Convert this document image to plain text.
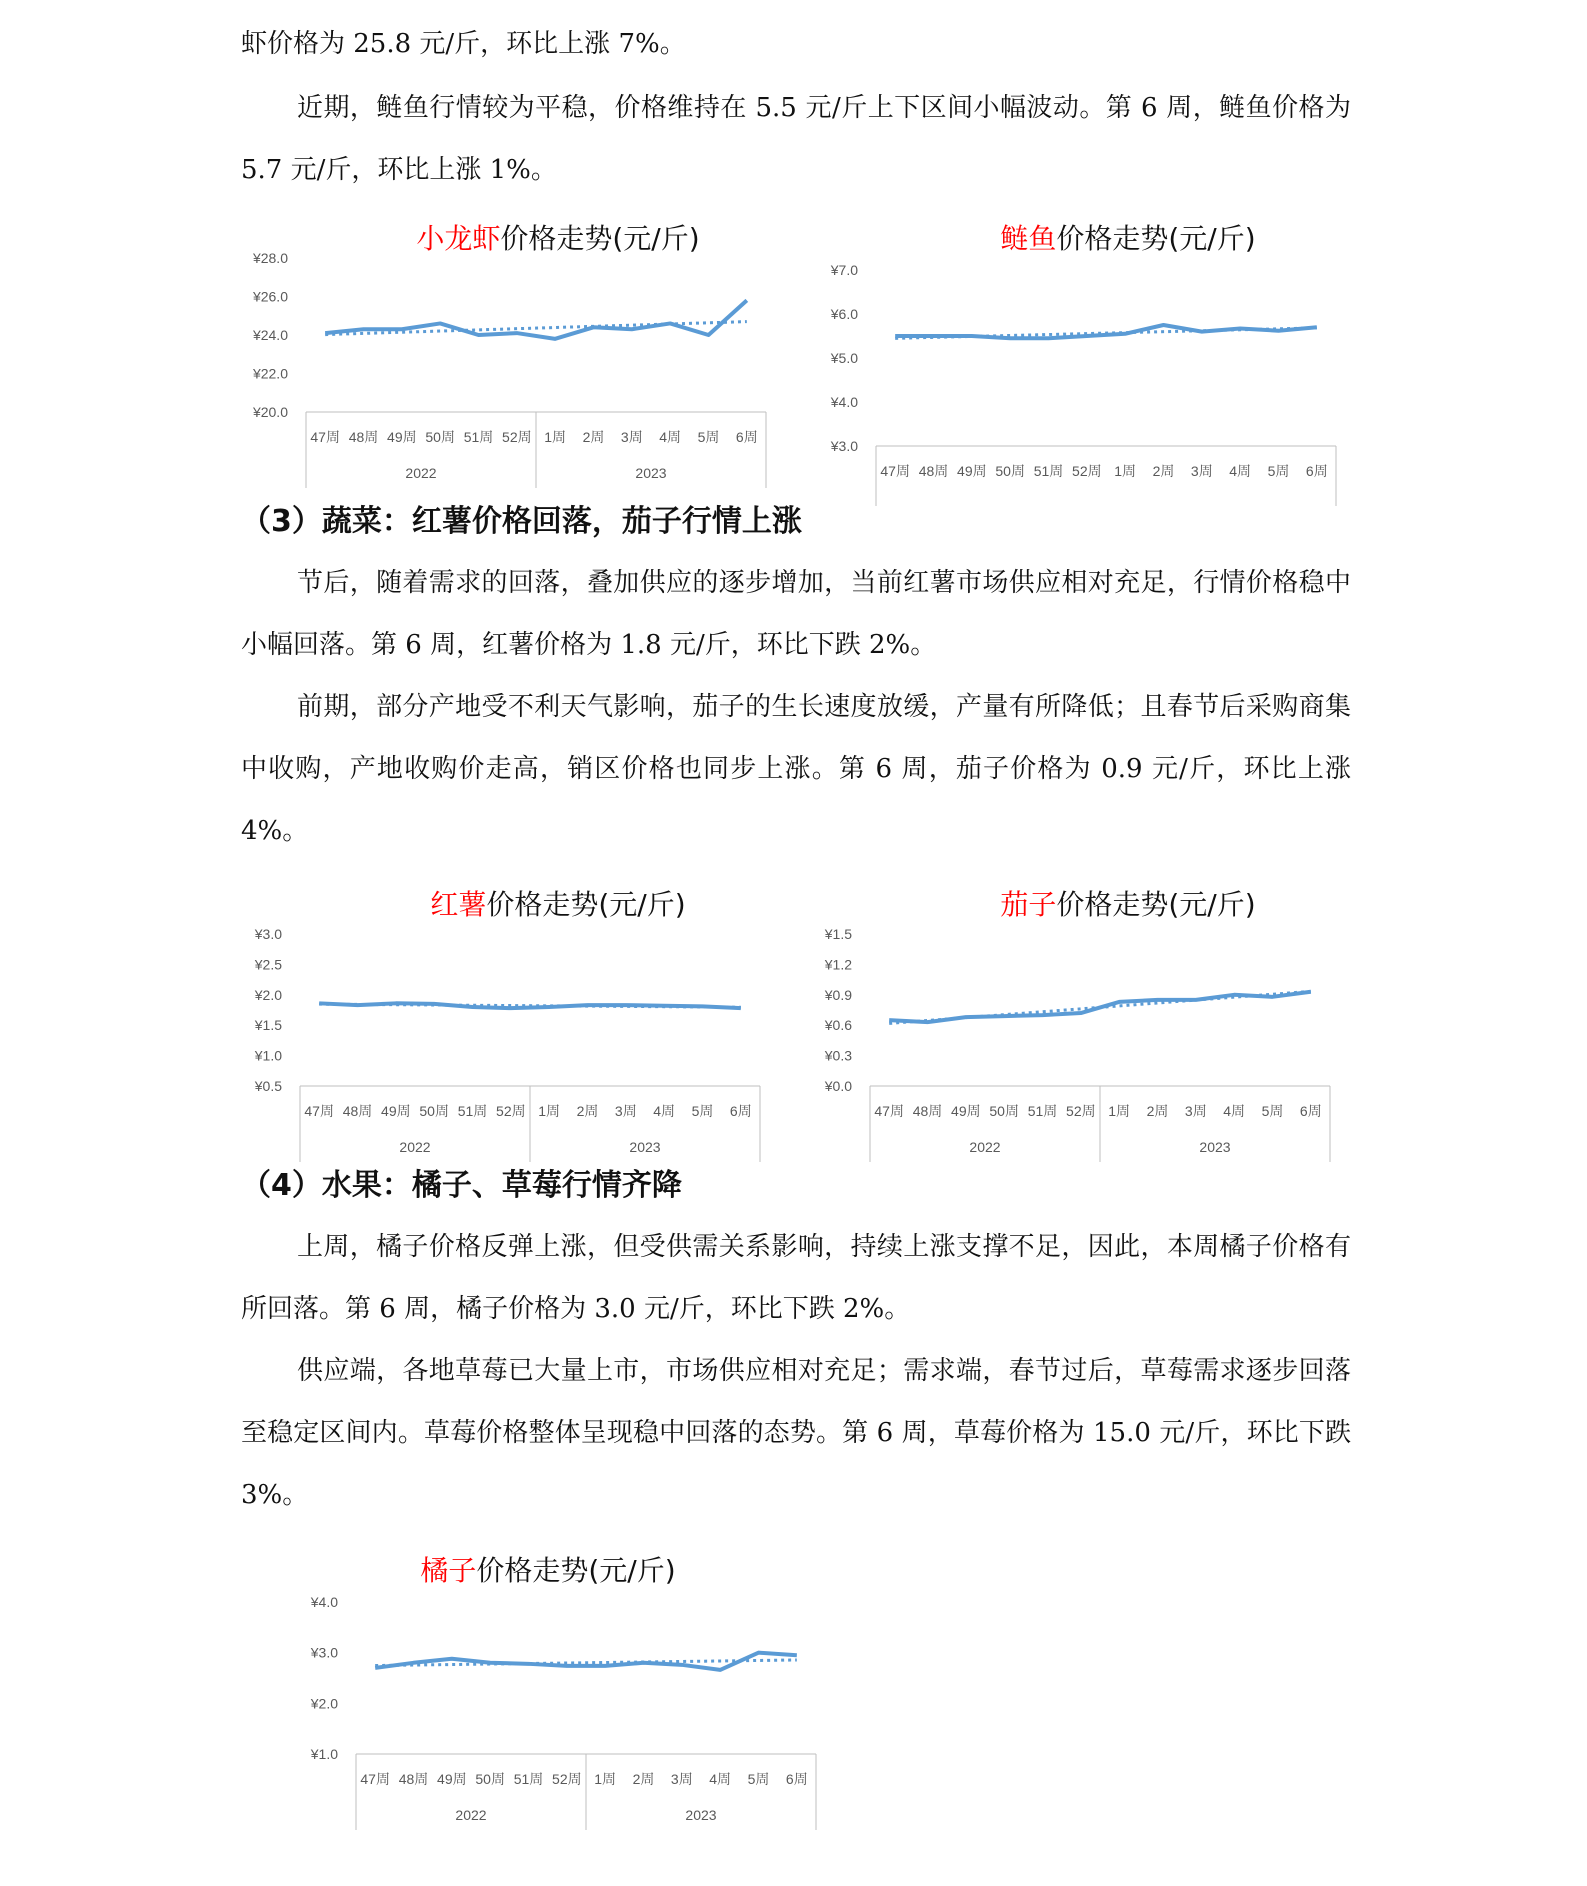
虾价格为 25.8 元/斤，环比上涨 7%。

近期，鲢鱼行情较为平稳，价格维持在 5.5 元/斤上下区间小幅波动。第 6 周，鲢鱼价格为 5.7 元/斤，环比上涨 1%。

小龙虾价格走势(元/斤)
¥20.0
¥22.0
¥24.0
¥26.0
¥28.0
2022	2023
47周 48周 49周 50周 51周 52周 1周 2周 3周 4周 5周 6周
鲢鱼价格走势(元/斤)
¥3.0
¥4.0
¥5.0
¥6.0
¥7.0
47周 48周 49周 50周 51周 52周 1周 2周 3周 4周 5周 6周
（3）蔬菜：红薯价格回落，茄子行情上涨

节后，随着需求的回落，叠加供应的逐步增加，当前红薯市场供应相对充足，行情价格稳中小幅回落。第 6 周，红薯价格为 1.8 元/斤，环比下跌 2%。

前期，部分产地受不利天气影响，茄子的生长速度放缓，产量有所降低；且春节后采购商集中收购，产地收购价走高，销区价格也同步上涨。第 6 周，茄子价格为 0.9 元/斤，环比上涨 4%。

红薯价格走势(元/斤)
¥0.5
¥1.0
¥1.5
¥2.0
¥2.5
¥3.0
2022	2023
47周 48周 49周 50周 51周 52周 1周 2周 3周 4周 5周 6周
茄子价格走势(元/斤)
¥0.0
¥0.3
¥0.6
¥0.9
¥1.2
¥1.5
2022	2023
47周 48周 49周 50周 51周 52周 1周 2周 3周 4周 5周 6周
（4）水果：橘子、草莓行情齐降

上周，橘子价格反弹上涨，但受供需关系影响，持续上涨支撑不足，因此，本周橘子价格有所回落。第 6 周，橘子价格为 3.0 元/斤，环比下跌 2%。

供应端，各地草莓已大量上市，市场供应相对充足；需求端，春节过后，草莓需求逐步回落至稳定区间内。草莓价格整体呈现稳中回落的态势。第 6 周，草莓价格为 15.0 元/斤，环比下跌 3%。

橘子价格走势(元/斤)
¥1.0
¥2.0
¥3.0
¥4.0
2022	2023
47周 48周 49周 50周 51周 52周 1周 2周 3周 4周 5周 6周
